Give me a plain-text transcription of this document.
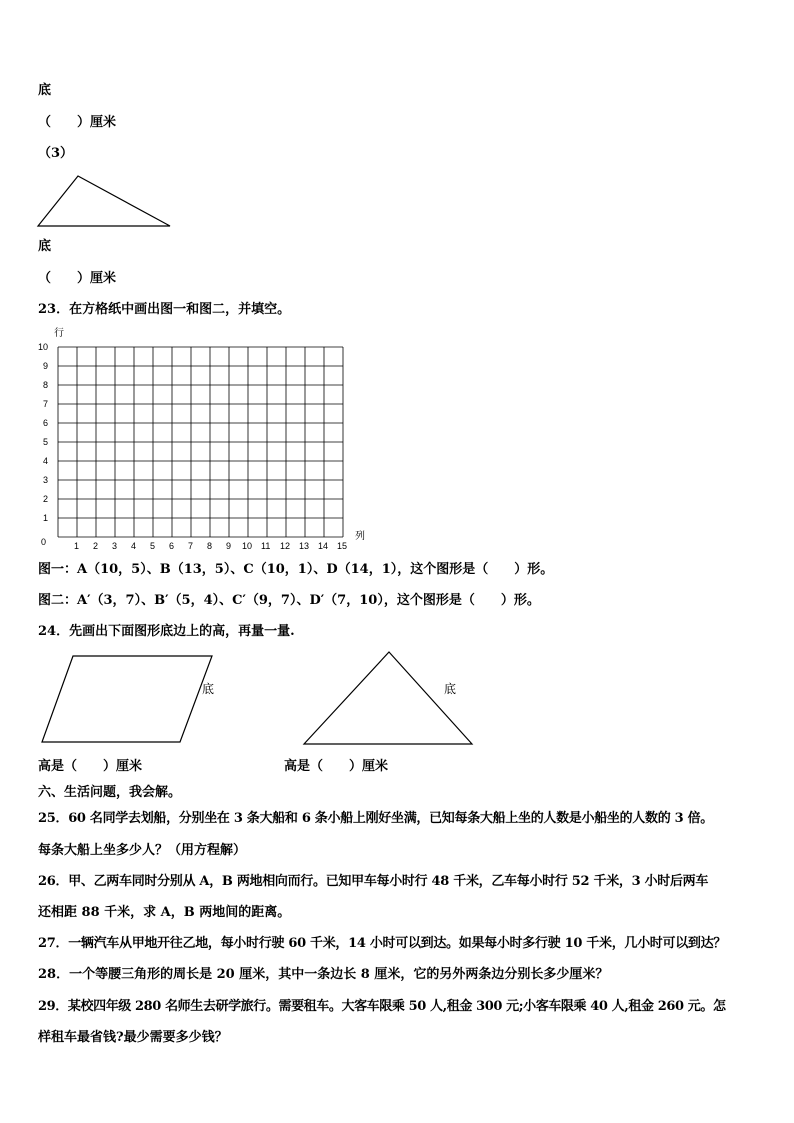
底
（　　）厘米
（3）
底
（　　）厘米
23．在方格纸中画出图一和图二，并填空。
行
列
0	1 2 3 4 5 6 7 8 9 10 11 12 13 14 15
1
2
3
4
5
6
7
8
9
10
图一：A（10，5）、B（13，5）、C（10，1）、D（14，1），这个图形是（　　）形。
图二：A′（3，7）、B′（5，4）、C′（9，7）、D′（7，10），这个图形是（　　）形。
24．先画出下面图形底边上的高，再量一量.
底	底
高是（　　）厘米	高是（　　）厘米
六、生活问题，我会解。
25．60 名同学去划船，分别坐在 3 条大船和 6 条小船上刚好坐满，已知每条大船上坐的人数是小船坐的人数的 3 倍。
每条大船上坐多少人？（用方程解）
26．甲、乙两车同时分别从 A，B 两地相向而行。已知甲车每小时行 48 千米，乙车每小时行 52 千米，3 小时后两车
还相距 88 千米，求 A，B 两地间的距离。
27．一辆汽车从甲地开往乙地，每小时行驶 60 千米，14 小时可以到达。如果每小时多行驶 10 千米，几小时可以到达？
28．一个等腰三角形的周长是 20 厘米，其中一条边长 8 厘米，它的另外两条边分别长多少厘米？
29．某校四年级 280 名师生去研学旅行。需要租车。大客车限乘 50 人,租金 300 元;小客车限乘 40 人,租金 260 元。怎
样租车最省钱?最少需要多少钱？
